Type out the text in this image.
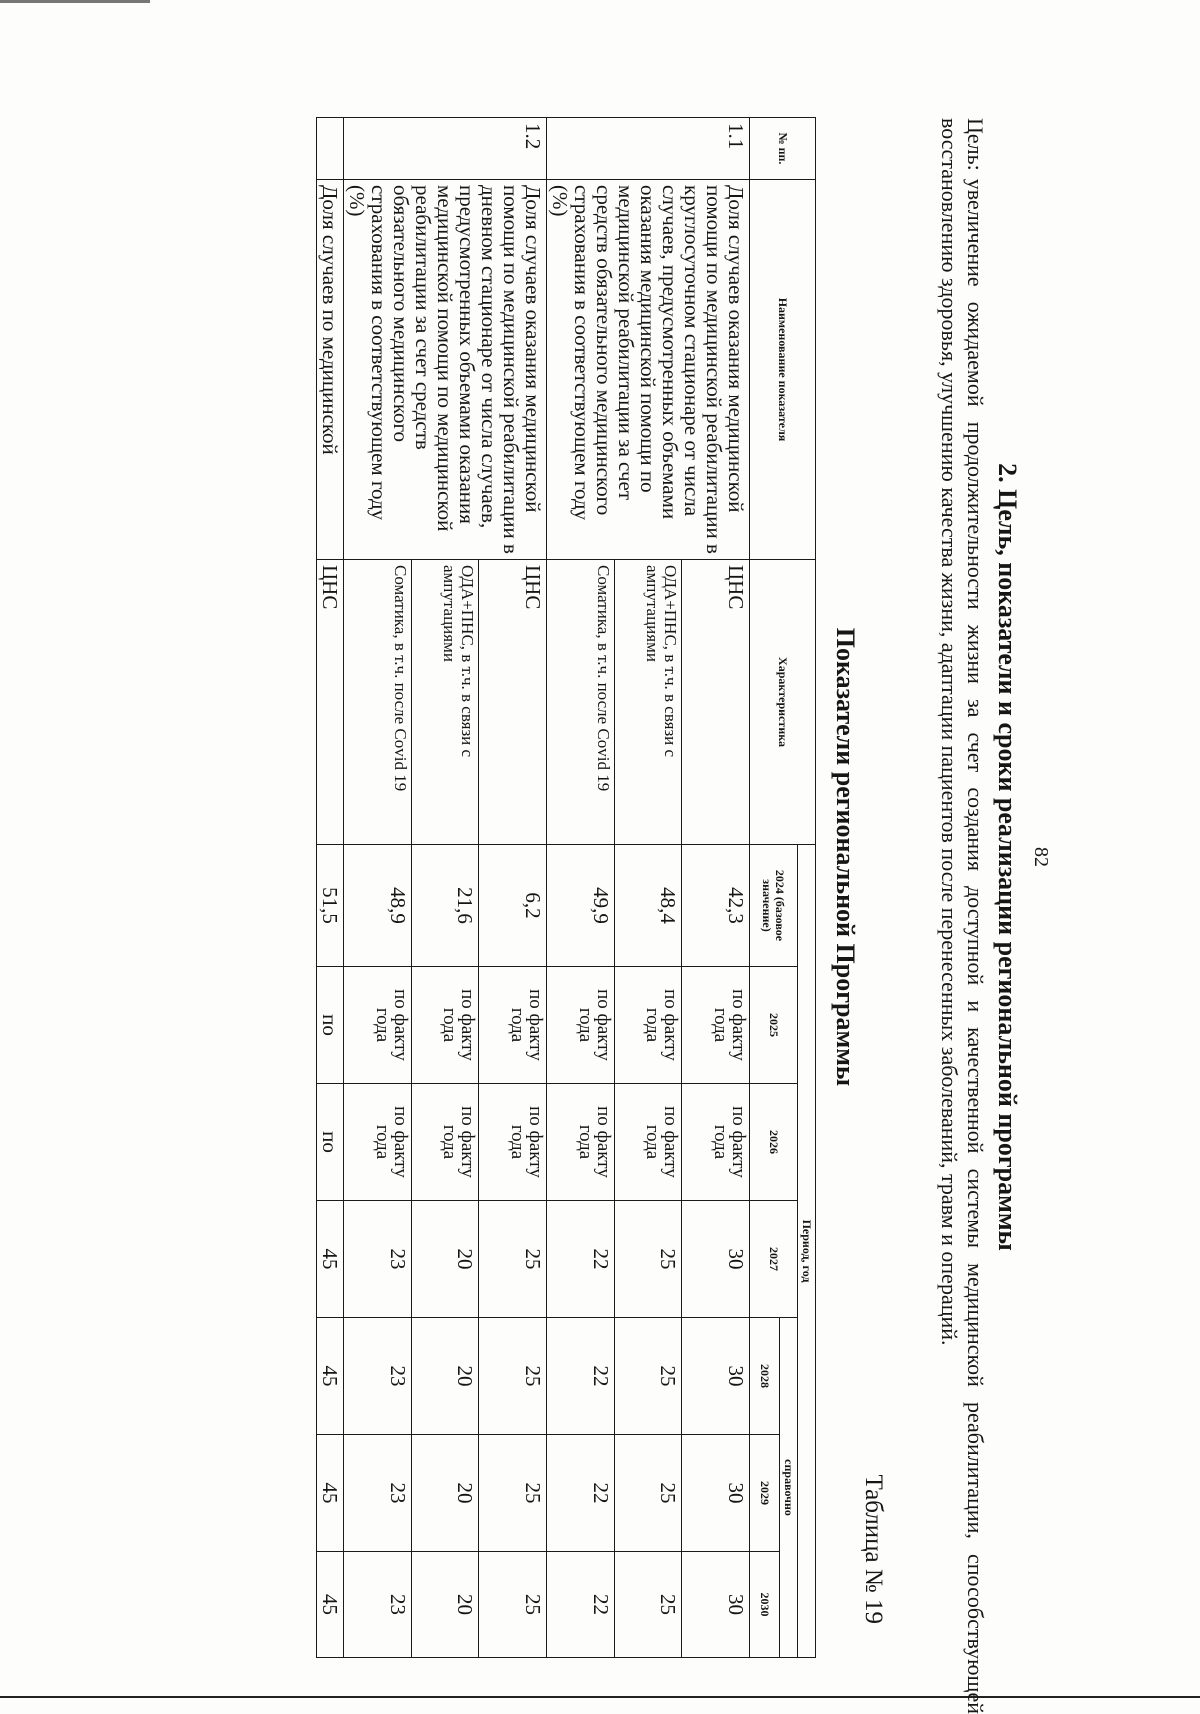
82
2. Цель, показатели и сроки реализации региональной программы
Цель:увеличение ожидаемой продолжительности жизни за счет создания доступной и качественной системы медицинской реабилитации, способствующей восстановлению здоровья, улучшению качества жизни, адаптации пациентов после перенесенных заболеваний, травм и операций.
Таблица № 19
Показатели региональной Программы
№ пп.	Наименование показателя	Характеристика	Период, год						
			2024 (базовое значение)	2025	2026	2027	справочно		
							2028	2029	2030
1.1	Доля случаев оказания медицинской помощи по медицинской реабилитации в круглосуточном стационаре от числа случаев, предусмотренных объемами оказания медицинской помощи по медицинской реабилитации за счет средств обязательного медицинского страхования в соответствующем году (%)	ЦНС	42,3	по факту года	по факту года	30	30	30	30
		ОДА+ПНС, в т.ч. в связи с ампутациями	48,4	по факту года	по факту года	25	25	25	25
		Соматика, в т.ч. после Covid 19	49,9	по факту года	по факту года	22	22	22	22
1.2	Доля случаев оказания медицинской помощи по медицинской реабилитации в дневном стационаре от числа случаев, предусмотренных объемами оказания медицинской помощи по медицинской реабилитации за счет средств обязательного медицинского страхования в соответствующем году (%)	ЦНС	6,2	по факту года	по факту года	25	25	25	25
		ОДА+ПНС, в т.ч. в связи с ампутациями	21,6	по факту года	по факту года	20	20	20	20
		Соматика, в т.ч. после Covid 19	48,9	по факту года	по факту года	23	23	23	23
	Доля случаев по медицинской	ЦНС	51,5	по	по	45	45	45	45
